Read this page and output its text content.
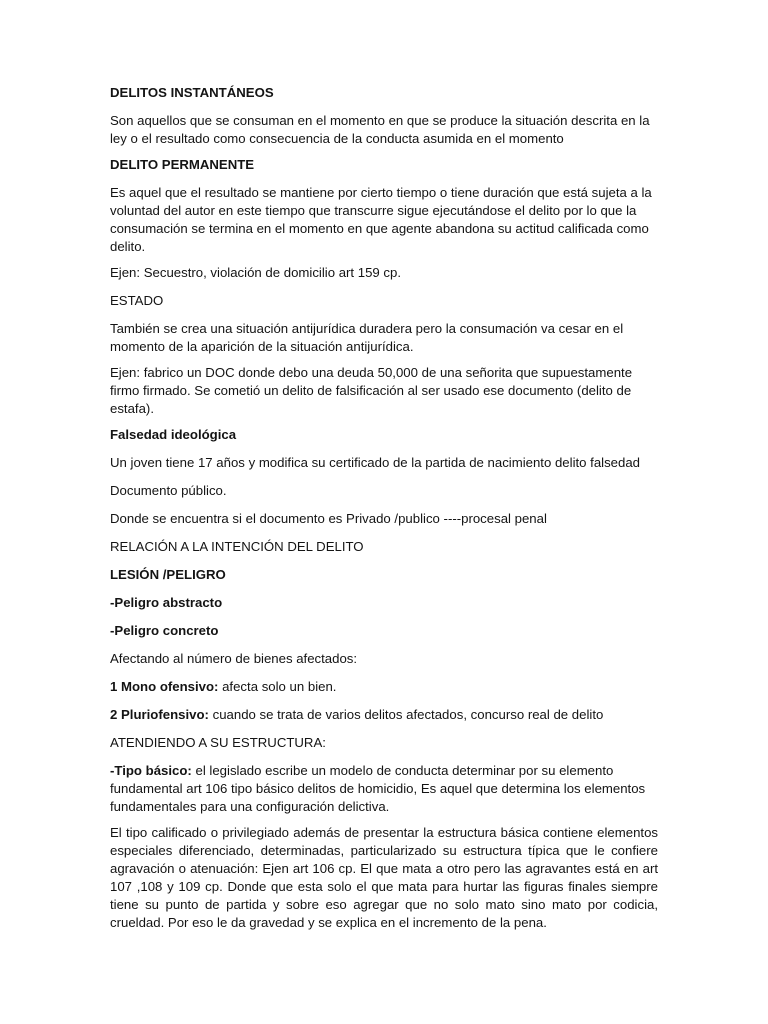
DELITOS INSTANTÁNEOS

Son aquellos que se consuman en el momento en que se produce la situación descrita en la ley o el resultado como consecuencia de la conducta asumida en el momento

DELITO PERMANENTE

Es aquel que el resultado se mantiene por cierto tiempo o tiene duración que está sujeta a la voluntad del autor en este tiempo que transcurre sigue ejecutándose el delito por lo que la consumación se termina en el momento en que agente abandona su actitud calificada como delito.

Ejen: Secuestro, violación de domicilio art 159 cp.

ESTADO

También se crea una situación antijurídica duradera pero la consumación va cesar en el momento de la aparición de la situación antijurídica.

Ejen: fabrico un DOC donde debo una deuda 50,000 de una señorita que supuestamente firmo firmado. Se cometió un delito de falsificación al ser usado ese documento (delito de estafa).

Falsedad ideológica

Un joven tiene 17 años y modifica su certificado de la partida de nacimiento delito falsedad

Documento público.

Donde se encuentra si el documento es Privado /publico ----procesal penal

RELACIÓN A LA INTENCIÓN DEL DELITO

LESIÓN /PELIGRO

-Peligro abstracto

-Peligro concreto

Afectando al número de bienes afectados:

1 Mono ofensivo: afecta solo un bien.

2 Pluriofensivo: cuando se trata de varios delitos afectados, concurso real de delito

ATENDIENDO A SU ESTRUCTURA:

-Tipo básico: el legislado escribe un modelo de conducta determinar por su elemento fundamental art 106 tipo básico delitos de homicidio, Es aquel que determina los elementos fundamentales para una configuración delictiva.

El tipo calificado o privilegiado además de presentar la estructura básica contiene elementos especiales diferenciado, determinadas, particularizado su estructura típica que le confiere agravación o atenuación: Ejen art 106 cp. El que mata a otro pero las agravantes está en art 107 ,108 y 109 cp. Donde que esta solo el que mata para hurtar las figuras finales siempre tiene su punto de partida y sobre eso agregar que no solo mato sino mato por codicia, crueldad. Por eso le da gravedad y se explica en el incremento de la pena.
